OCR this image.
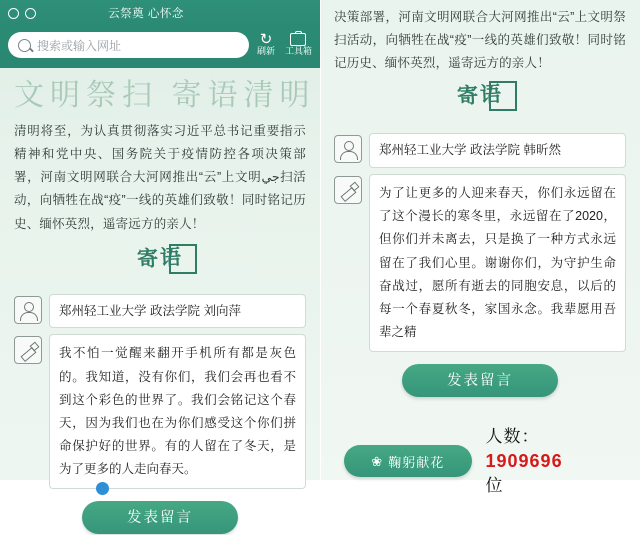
云祭奠 心怀念
搜索或输入网址	↻
刷新 工具箱
文明祭扫 寄语清明
清明将至，为认真贯彻落实习近平总书记重要指示精神和党中央、国务院关于疫情防控各项决策部署，河南文明网联合大河网推出“云”上文明جي扫活动，向牺牲在战“疫”一线的英雄们致敬！同时铭记历史、缅怀英烈，遥寄远方的亲人！
寄语
郑州轻工业大学 政法学院 刘向萍
我不怕一觉醒来翻开手机所有都是灰色的。我知道，没有你们，我们会再也看不到这个彩色的世界了。我们会铭记这个春天，因为我们也在为你们感受这个你们拼命保护好的世界。有的人留在了冬天，是为了更多的人走向春天。
发表留言
决策部署，河南文明网联合大河网推出“云”上文明祭扫活动，向牺牲在战“疫”一线的英雄们致敬！同时铭记历史、缅怀英烈，遥寄远方的亲人！
寄语
郑州轻工业大学 政法学院 韩昕然
为了让更多的人迎来春天，你们永远留在了这个漫长的寒冬里，永远留在了2020，但你们并未离去，只是换了一种方式永远留在了我们心里。谢谢你们，为守护生命奋战过，愿所有逝去的同胞安息，以后的每一个春夏秋冬，家国永念。我辈愿用吾辈之精
发表留言
❀ 鞠躬献花
人数：1909696
位
